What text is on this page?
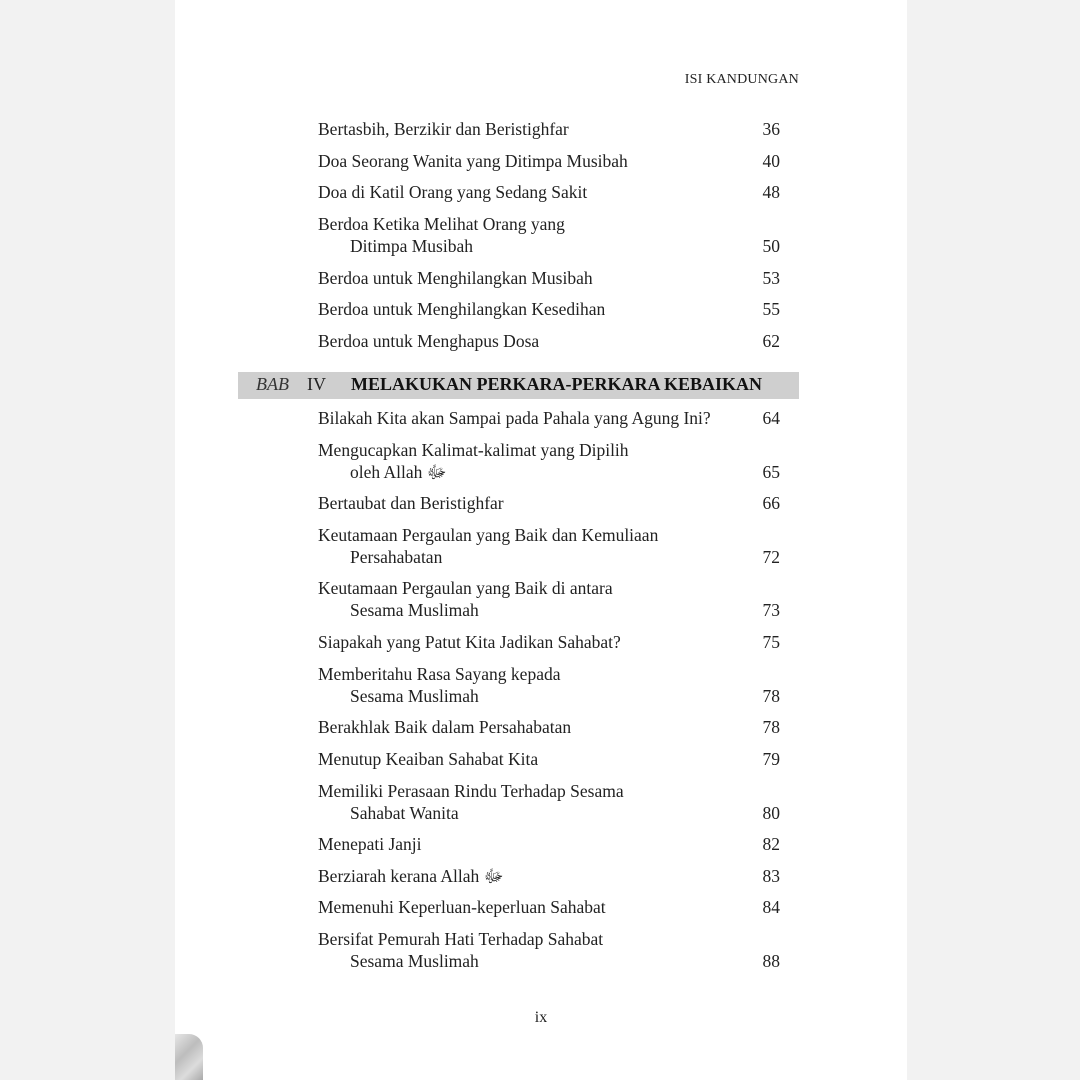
ISI KANDUNGAN
Bertasbih, Berzikir dan Beristighfar	36
Doa Seorang Wanita yang Ditimpa Musibah	40
Doa di Katil Orang yang Sedang Sakit	48
Berdoa Ketika Melihat Orang yang
Ditimpa Musibah	50
Berdoa untuk Menghilangkan Musibah	53
Berdoa untuk Menghilangkan Kesedihan	55
Berdoa untuk Menghapus Dosa	62
Bilakah Kita akan Sampai pada Pahala yang Agung Ini?	64
Mengucapkan Kalimat-kalimat yang Dipilih
oleh Allah ﷻ	65
Bertaubat dan Beristighfar	66
Keutamaan Pergaulan yang Baik dan Kemuliaan
Persahabatan	72
Keutamaan Pergaulan yang Baik di antara
Sesama Muslimah	73
Siapakah yang Patut Kita Jadikan Sahabat?	75
Memberitahu Rasa Sayang kepada
Sesama Muslimah	78
Berakhlak Baik dalam Persahabatan	78
Menutup Keaiban Sahabat Kita	79
Memiliki Perasaan Rindu Terhadap Sesama
Sahabat Wanita	80
Menepati Janji	82
Berziarah kerana Allah ﷻ	83
Memenuhi Keperluan-keperluan Sahabat	84
Bersifat Pemurah Hati Terhadap Sahabat
Sesama Muslimah	88
BAB IV MELAKUKAN PERKARA-PERKARA KEBAIKAN
ix
